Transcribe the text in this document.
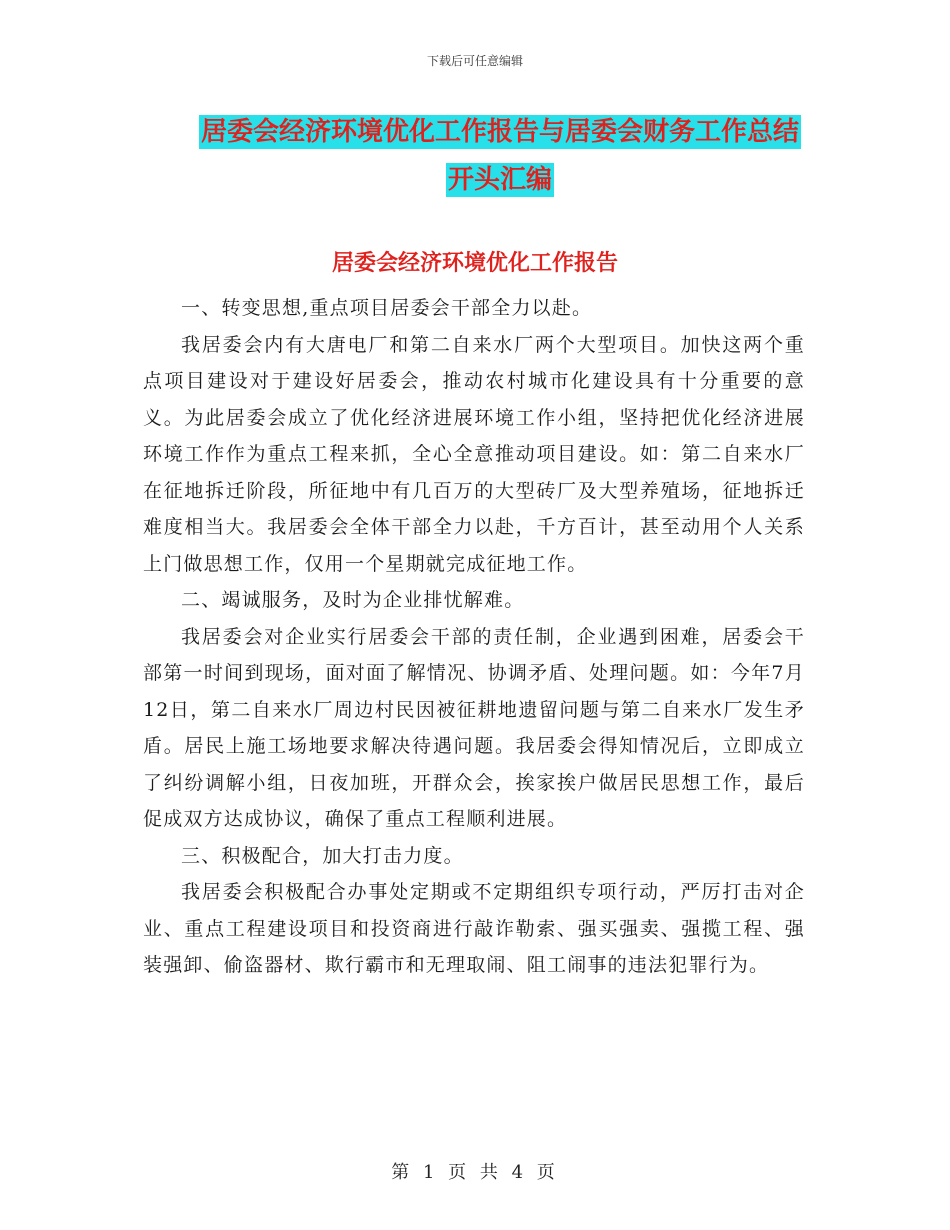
下载后可任意编辑
居委会经济环境优化工作报告与居委会财务工作总结
开头汇编
居委会经济环境优化工作报告

一、转变思想,重点项目居委会干部全力以赴。

我居委会内有大唐电厂和第二自来水厂两个大型项目。加快这两个重点项目建设对于建设好居委会，推动农村城市化建设具有十分重要的意义。为此居委会成立了优化经济进展环境工作小组，坚持把优化经济进展环境工作作为重点工程来抓，全心全意推动项目建设。如：第二自来水厂在征地拆迁阶段，所征地中有几百万的大型砖厂及大型养殖场，征地拆迁难度相当大。我居委会全体干部全力以赴，千方百计，甚至动用个人关系上门做思想工作，仅用一个星期就完成征地工作。

二、竭诚服务，及时为企业排忧解难。

我居委会对企业实行居委会干部的责任制，企业遇到困难，居委会干部第一时间到现场，面对面了解情况、协调矛盾、处理问题。如：今年7月12日，第二自来水厂周边村民因被征耕地遗留问题与第二自来水厂发生矛盾。居民上施工场地要求解决待遇问题。我居委会得知情况后，立即成立了纠纷调解小组，日夜加班，开群众会，挨家挨户做居民思想工作，最后促成双方达成协议，确保了重点工程顺利进展。

三、积极配合，加大打击力度。

我居委会积极配合办事处定期或不定期组织专项行动，严厉打击对企业、重点工程建设项目和投资商进行敲诈勒索、强买强卖、强揽工程、强装强卸、偷盗器材、欺行霸市和无理取闹、阻工闹事的违法犯罪行为。

第 1 页 共 4 页
